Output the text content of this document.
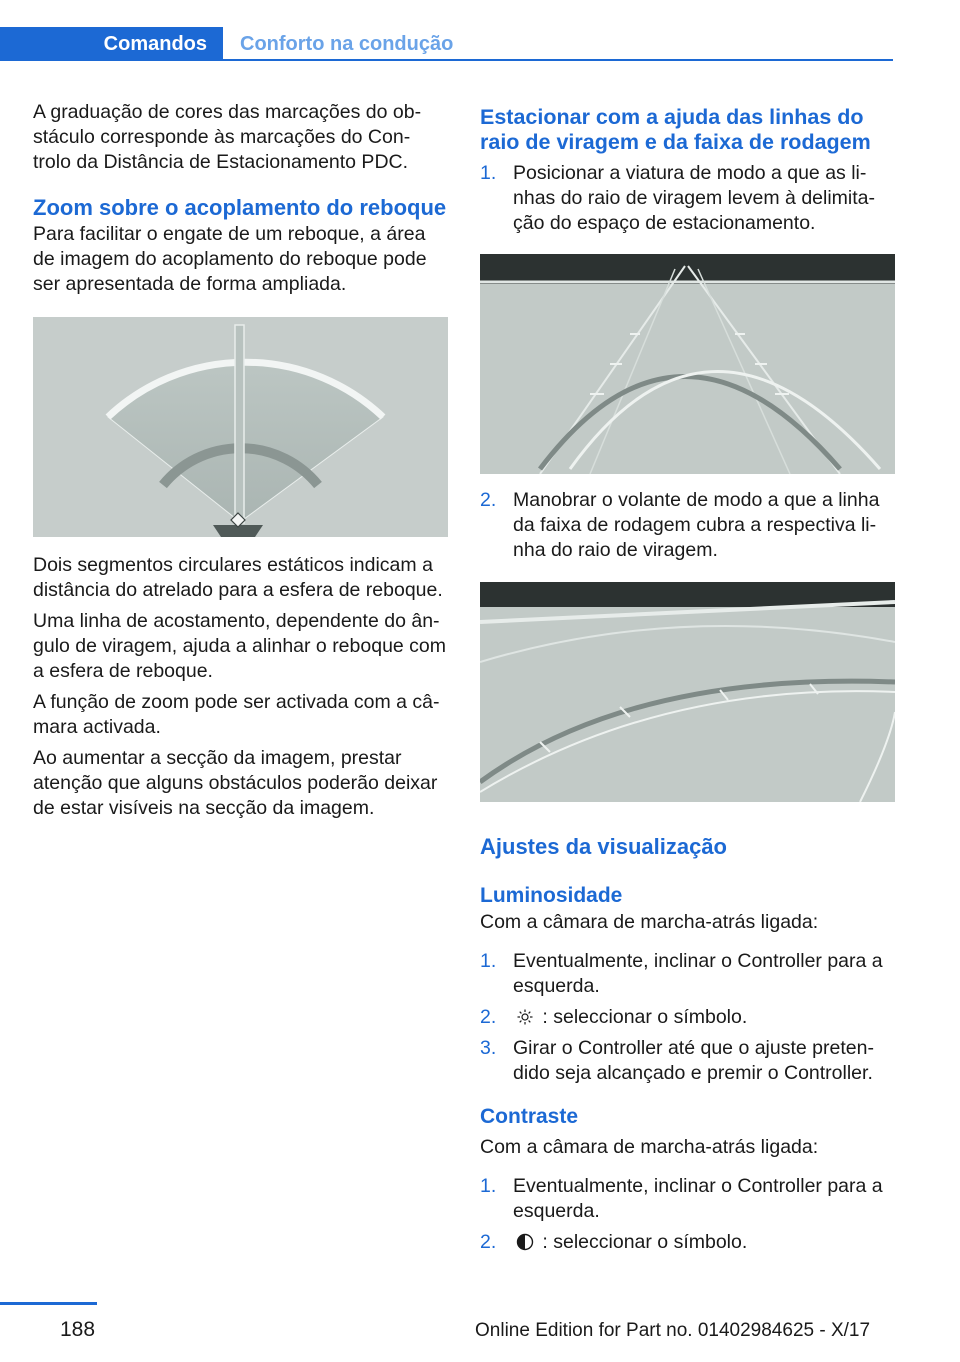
Comandos	Conforto na condução

A graduação de cores das marcações do ob-stáculo corresponde às marcações do Con-trolo da Distância de Estacionamento PDC.

Zoom sobre o acoplamento do reboque

Para facilitar o engate de um reboque, a área de imagem do acoplamento do reboque pode ser apresentada de forma ampliada.

Dois segmentos circulares estáticos indicam a distância do atrelado para a esfera de reboque.

Uma linha de acostamento, dependente do ân-gulo de viragem, ajuda a alinhar o reboque com a esfera de reboque.

A função de zoom pode ser activada com a câ-mara activada.

Ao aumentar a secção da imagem, prestar atenção que alguns obstáculos poderão deixar de estar visíveis na secção da imagem.

Estacionar com a ajuda das linhas do raio de viragem e da faixa de rodagem
1. Posicionar a viatura de modo a que as li-nhas do raio de viragem levem à delimita-ção do espaço de estacionamento.
2. Manobrar o volante de modo a que a linha da faixa de rodagem cubra a respectiva li-nha do raio de viragem.
Ajustes da visualização
Luminosidade

Com a câmara de marcha-atrás ligada:

1. Eventualmente, inclinar o Controller para a esquerda.
2.	: seleccionar o símbolo.
3. Girar o Controller até que o ajuste preten-dido seja alcançado e premir o Controller.
Contraste

Com a câmara de marcha-atrás ligada:

1. Eventualmente, inclinar o Controller para a esquerda.
2.	: seleccionar o símbolo.
188	Online Edition for Part no. 01402984625 - X/17
